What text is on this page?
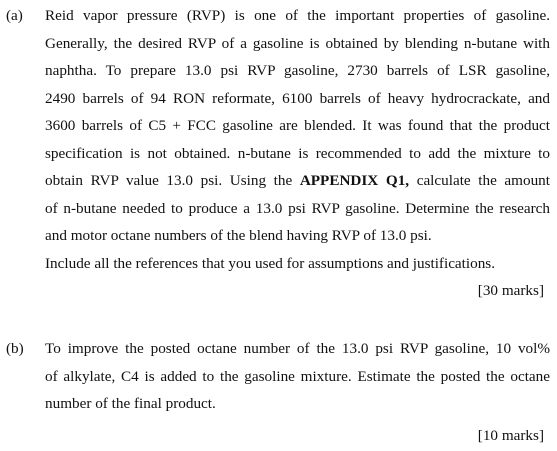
(a) Reid vapor pressure (RVP) is one of the important properties of gasoline.
Generally, the desired RVP of a gasoline is obtained by blending n-butane with
naphtha. To prepare 13.0 psi RVP gasoline, 2730 barrels of LSR gasoline,
2490 barrels of 94 RON reformate, 6100 barrels of heavy hydrocrackate, and
3600 barrels of C5 + FCC gasoline are blended. It was found that the product
specification is not obtained. n-butane is recommended to add the mixture to
obtain RVP value 13.0 psi. Using the APPENDIX Q1, calculate the amount
of n-butane needed to produce a 13.0 psi RVP gasoline. Determine the research
and motor octane numbers of the blend having RVP of 13.0 psi.
Include all the references that you used for assumptions and justifications.
[30 marks]
(b) To improve the posted octane number of the 13.0 psi RVP gasoline, 10 vol%
of alkylate, C4 is added to the gasoline mixture. Estimate the posted the octane
number of the final product.
[10 marks]
